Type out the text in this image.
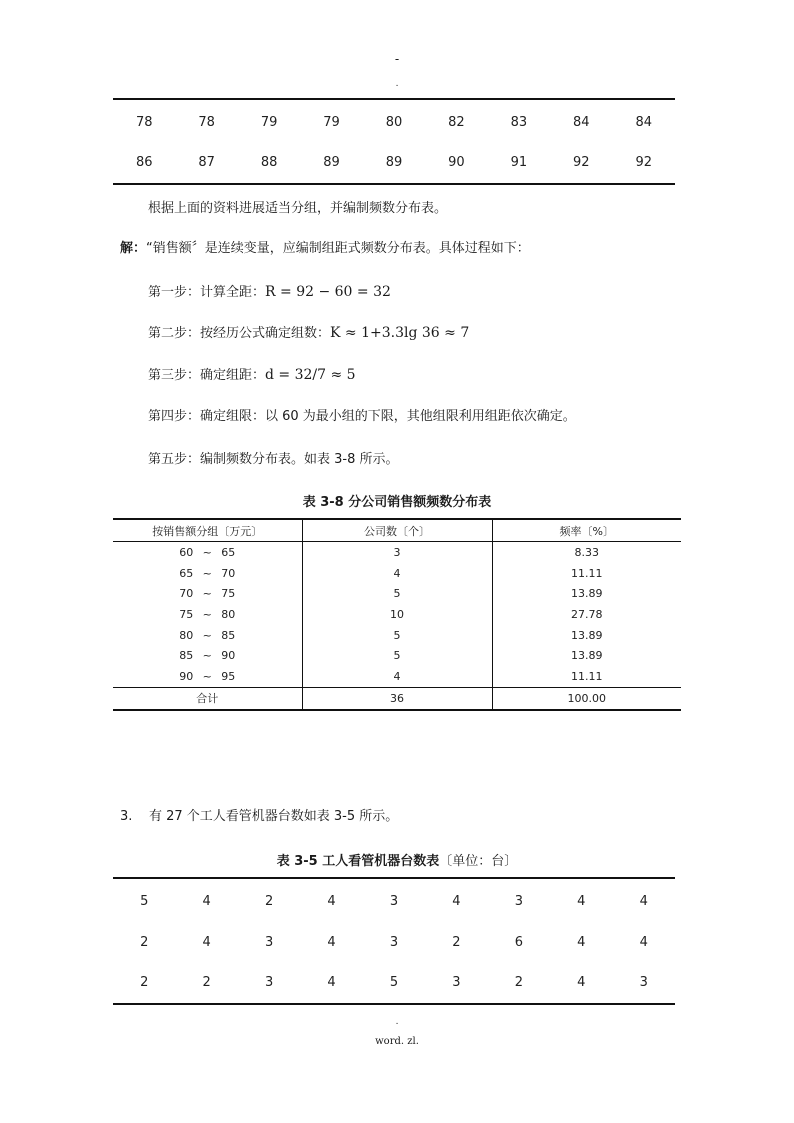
-
.
78	78	79	79	80	82	83	84	84
86	87	88	89	89	90	91	92	92
根据上面的资料进展适当分组，并编制频数分布表。
解：“销售额〞是连续变量，应编制组距式频数分布表。具体过程如下：
第一步：计算全距：R = 92 − 60 = 32
第二步：按经历公式确定组数：K ≈ 1+3.3lg 36 ≈ 7
第三步：确定组距：d = 32/7 ≈ 5
第四步：确定组限：以 60 为最小组的下限，其他组限利用组距依次确定。
第五步：编制频数分布表。如表 3-8 所示。
表 3-8 分公司销售额频数分布表
按销售额分组〔万元〕	公司数〔个〕	频率〔%〕
60 ~ 65	3	8.33
65 ~ 70	4	11.11
70 ~ 75	5	13.89
75 ~ 80	10	27.78
80 ~ 85	5	13.89
85 ~ 90	5	13.89
90 ~ 95	4	11.11
合计	36	100.00
3. 有 27 个工人看管机器台数如表 3-5 所示。
表 3-5 工人看管机器台数表〔单位：台〕
5	4	2	4	3	4	3	4	4
2	4	3	4	3	2	6	4	4
2	2	3	4	5	3	2	4	3
.
word. zl.
